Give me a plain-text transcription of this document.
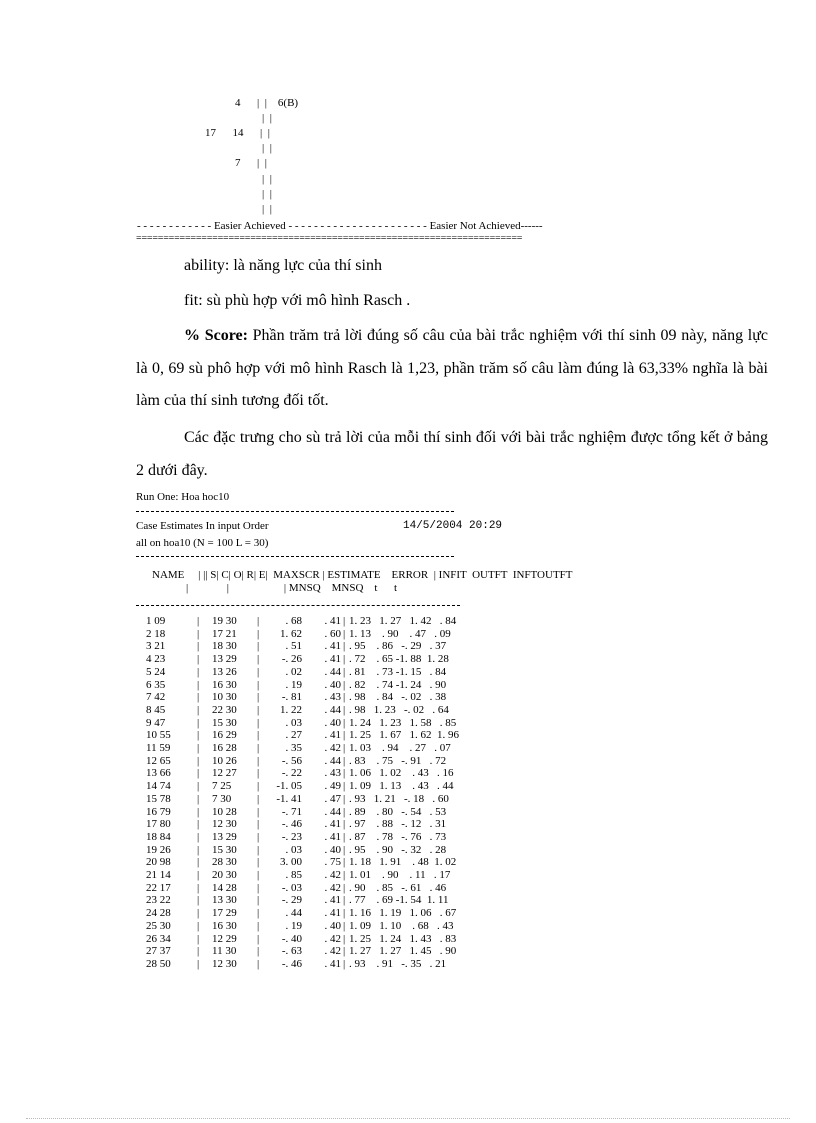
4      |  |    6(B)
|  |
17      14      |  |
|  |
7      |  |
|  |
|  |
|  |
- - - - - - - - - - - - Easier Achieved - - - - - - - - - - - - - - - - - - - - - - Easier Not Achieved------
=======================================================================
ability: là năng lực của thí sinh
fit: sù phù hợp với mô hình Rasch .
% Score: Phần trăm trả lời đúng số câu của bài trắc nghiệm với thí sinh 09 này, năng lực là 0, 69 sù phô hợp với mô hình Rasch là 1,23, phần trăm số câu làm đúng là 63,33% nghĩa là bài làm của thí sinh tương đối tốt.
Các đặc trưng cho sù trả lời của mỗi thí sinh đối với bài trắc nghiệm được tổng kết ở bảng 2 dưới đây.
Run One: Hoa hoc10
Case Estimates In input Order	14/5/2004 20:29
all on hoa10 (N = 100 L = 30)
NAME     | || S| C| O| R| E|  MAXSCR | ESTIMATE    ERROR  | INFIT  OUTFT  INFTOUTFT
|              |                    | MNSQ    MNSQ    t      t
1 09	| 19 30	|	. 68	. 41 | 1. 23   1. 27   1. 42   . 84
2 18	| 17 21	|	1. 62	. 60 | 1. 13    . 90    . 47   . 09
3 21	| 18 30	|	. 51	. 41 | . 95    . 86   -. 29   . 37
4 23	| 13 29	|	-. 26	. 41 | . 72    . 65 -1. 88  1. 28
5 24	| 13 26	|	. 02	. 44 | . 81    . 73 -1. 15   . 84
6 35	| 16 30	|	. 19	. 40 | . 82    . 74 -1. 24   . 90
7 42	| 10 30	|	-. 81	. 43 | . 98    . 84   -. 02   . 38
8 45	| 22 30	|	1. 22	. 44 | . 98   1. 23   -. 02   . 64
9 47	| 15 30	|	. 03	. 40 | 1. 24   1. 23   1. 58   . 85
10 55	| 16 29	|	. 27	. 41 | 1. 25   1. 67   1. 62  1. 96
11 59	| 16 28	|	. 35	. 42 | 1. 03    . 94    . 27   . 07
12 65	| 10 26	|	-. 56	. 44 | . 83    . 75   -. 91   . 72
13 66	| 12 27	|	-. 22	. 43 | 1. 06   1. 02    . 43   . 16
14 74	| 7 25	|	-1. 05	. 49 | 1. 09   1. 13    . 43   . 44
15 78	| 7 30	|	-1. 41	. 47 | . 93   1. 21   -. 18   . 60
16 79	| 10 28	|	-. 71	. 44 | . 89    . 80   -. 54   . 53
17 80	| 12 30	|	-. 46	. 41 | . 97    . 88   -. 12   . 31
18 84	| 13 29	|	-. 23	. 41 | . 87    . 78   -. 76   . 73
19 26	| 15 30	|	. 03	. 40 | . 95    . 90   -. 32   . 28
20 98	| 28 30	|	3. 00	. 75 | 1. 18   1. 91    . 48  1. 02
21 14	| 20 30	|	. 85	. 42 | 1. 01    . 90    . 11   . 17
22 17	| 14 28	|	-. 03	. 42 | . 90    . 85   -. 61   . 46
23 22	| 13 30	|	-. 29	. 41 | . 77    . 69 -1. 54  1. 11
24 28	| 17 29	|	. 44	. 41 | 1. 16   1. 19   1. 06   . 67
25 30	| 16 30	|	. 19	. 40 | 1. 09   1. 10    . 68   . 43
26 34	| 12 29	|	-. 40	. 42 | 1. 25   1. 24   1. 43   . 83
27 37	| 11 30	|	-. 63	. 42 | 1. 27   1. 27   1. 45   . 90
28 50	| 12 30	|	-. 46	. 41 | . 93    . 91   -. 35   . 21
